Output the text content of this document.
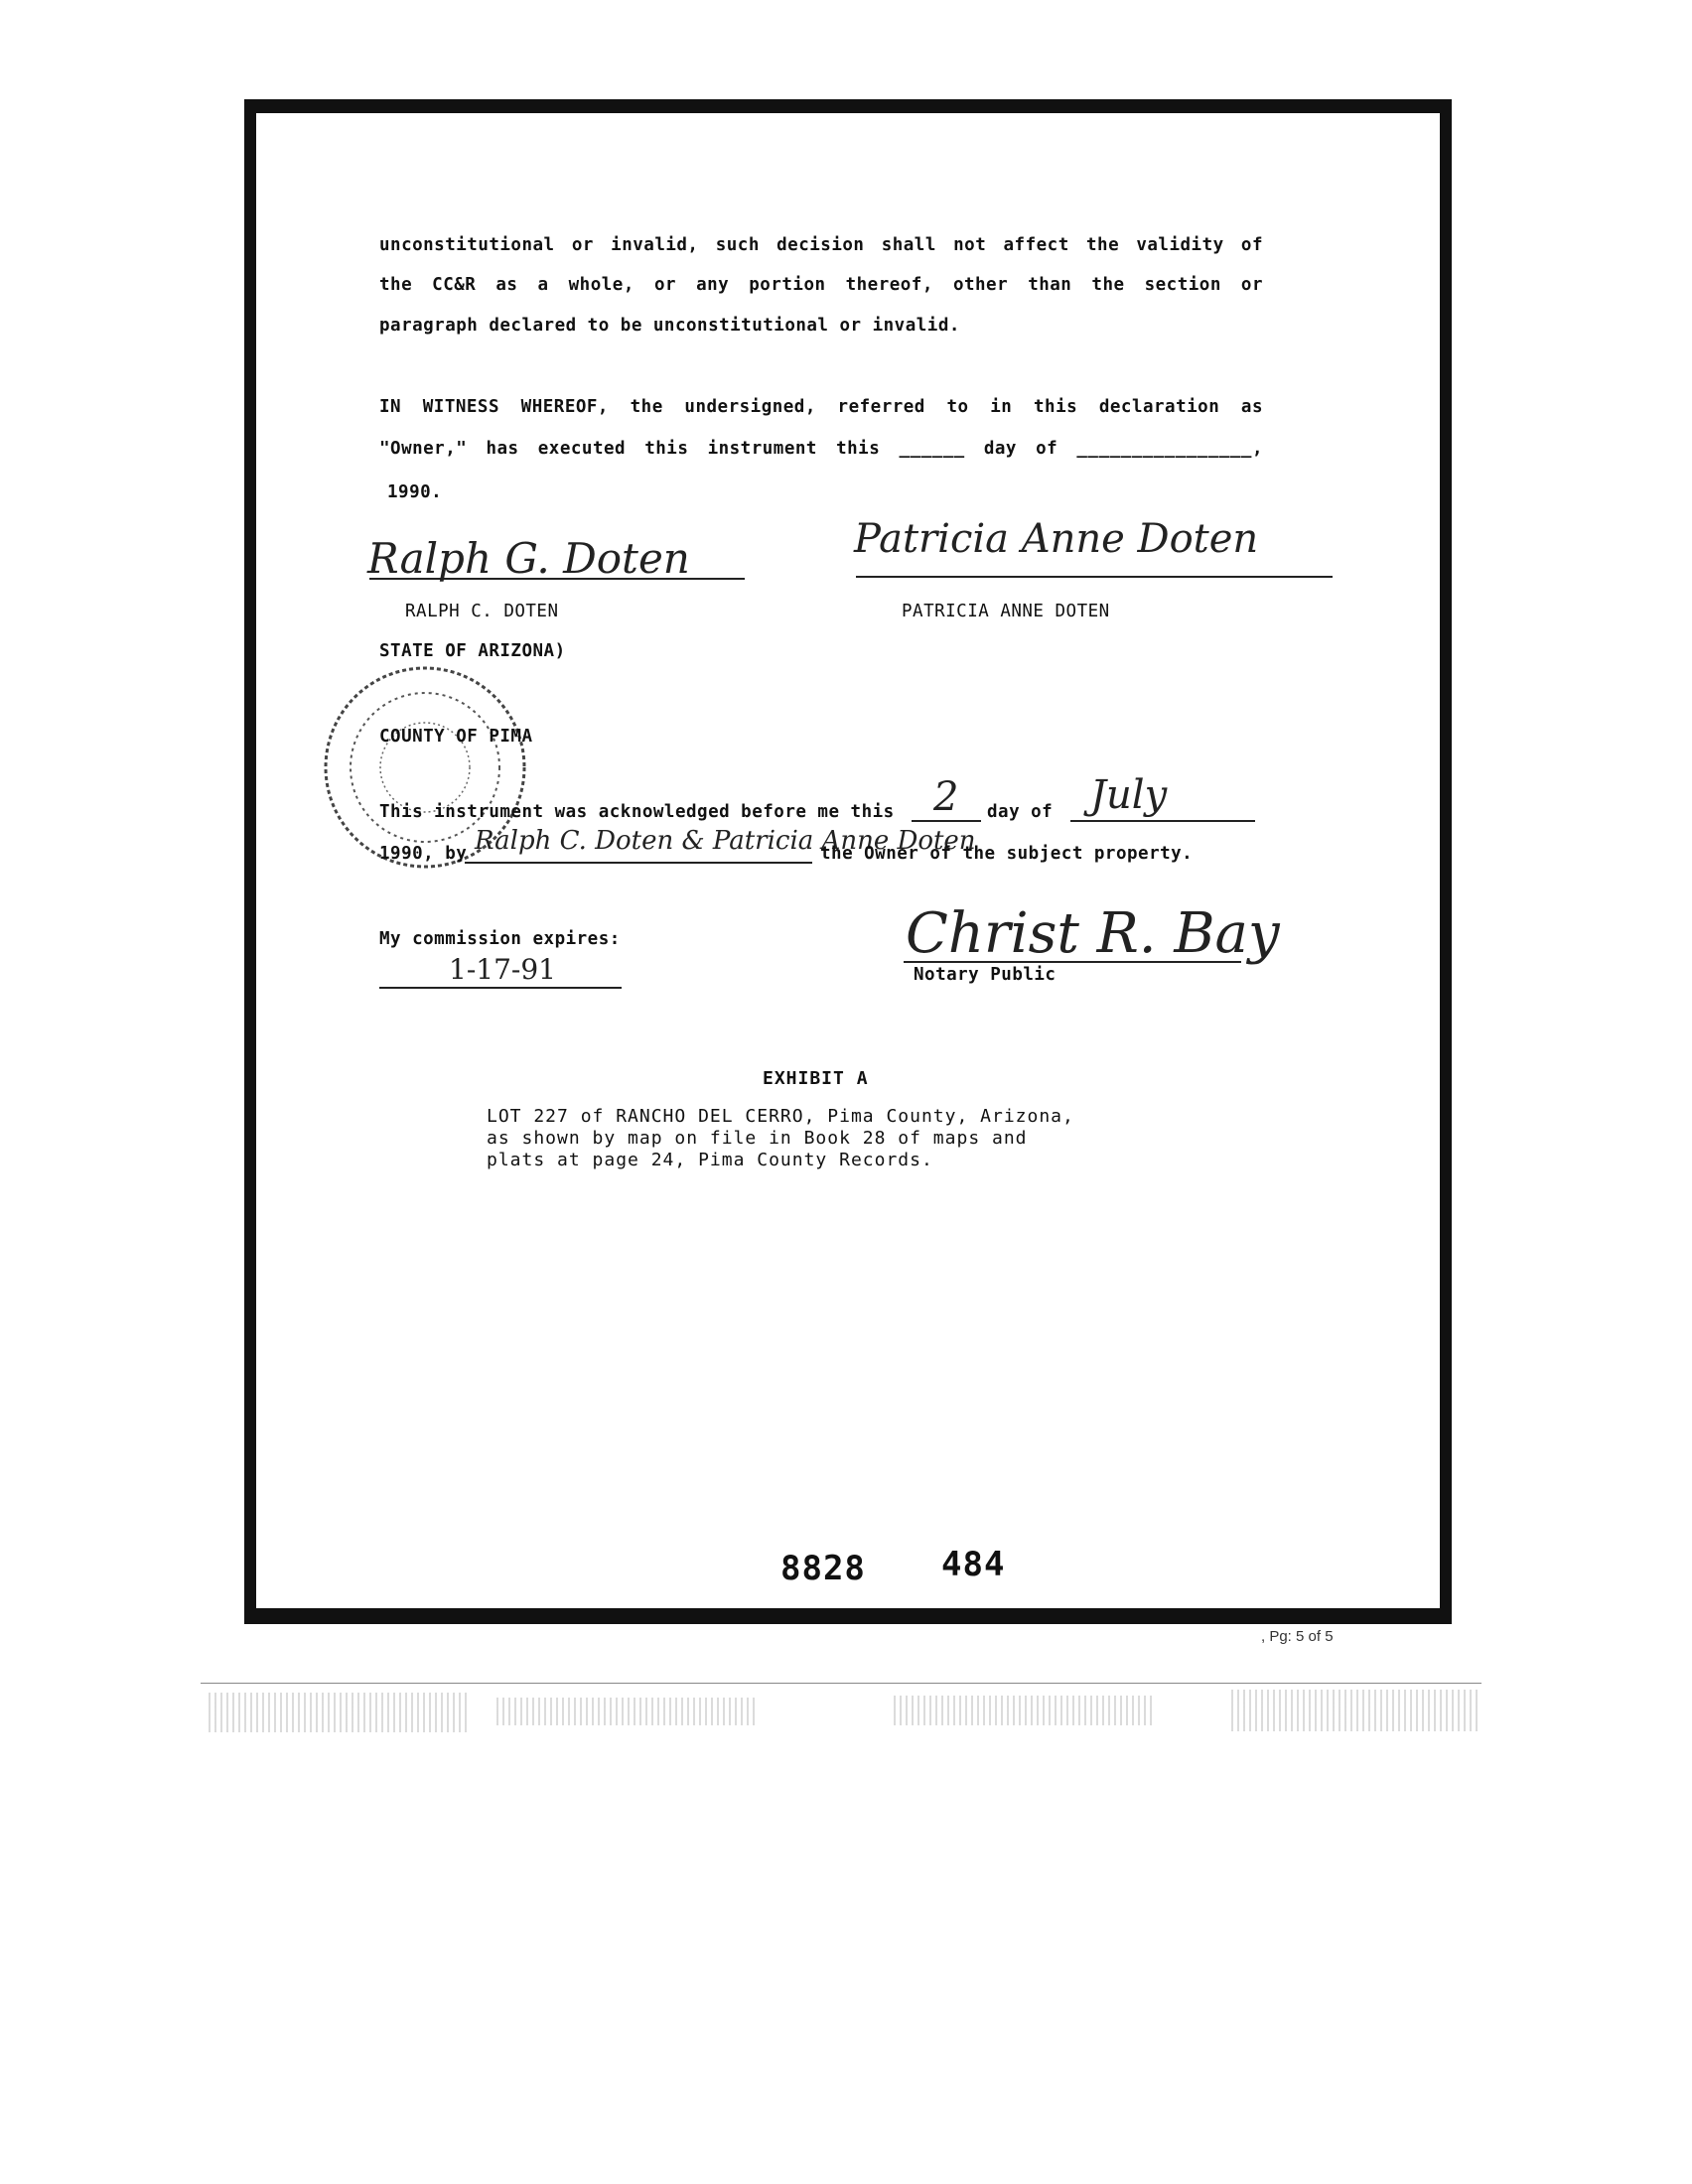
unconstitutional or invalid, such decision shall not affect the validity of
the CC&R as a whole, or any portion thereof, other than the section or
paragraph declared to be unconstitutional or invalid.
IN WITNESS WHEREOF, the undersigned, referred to in this declaration as
"Owner," has executed this instrument this ______ day of ________________,
1990.
Ralph G. Doten
RALPH C. DOTEN
Patricia Anne Doten
PATRICIA ANNE DOTEN
STATE OF ARIZONA)
COUNTY OF PIMA
This instrument was acknowledged before me this 2 day of July
1990, by Ralph C. Doten & Patricia Anne Doten
the Owner of the subject property.
My commission expires:
1-17-91
Christ R. Bay
Notary Public
EXHIBIT A
LOT 227 of RANCHO DEL CERRO, Pima County, Arizona,
as shown by map on file in Book 28 of maps and
plats at page 24, Pima County Records.
8828 484
, Pg: 5 of 5
